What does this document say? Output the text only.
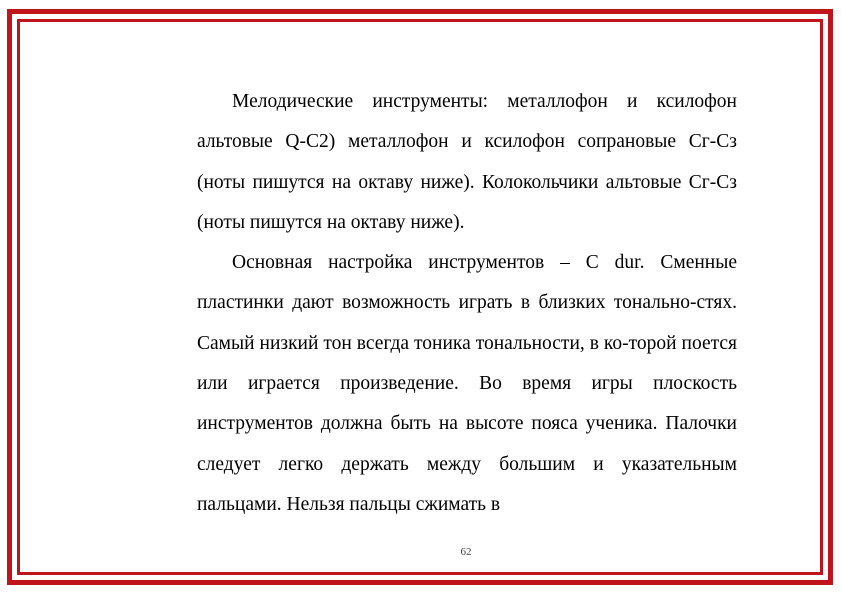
Мелодические инструменты: металлофон и ксилофон альтовые Q-C2) металлофон и ксилофон сопрановые Cг-Cз (ноты пишутся на октаву ниже). Колокольчики альтовые Cг-Cз (ноты пишутся на октаву ниже).

Основная настройка инструментов – C dur. Сменные пластинки дают возможность играть в близких тонально-стях. Самый низкий тон всегда тоника тональности, в ко-торой поется или играется произведение. Во время игры плоскость инструментов должна быть на высоте пояса ученика. Палочки следует легко держать между большим и указательным пальцами. Нельзя пальцы сжимать в

62
